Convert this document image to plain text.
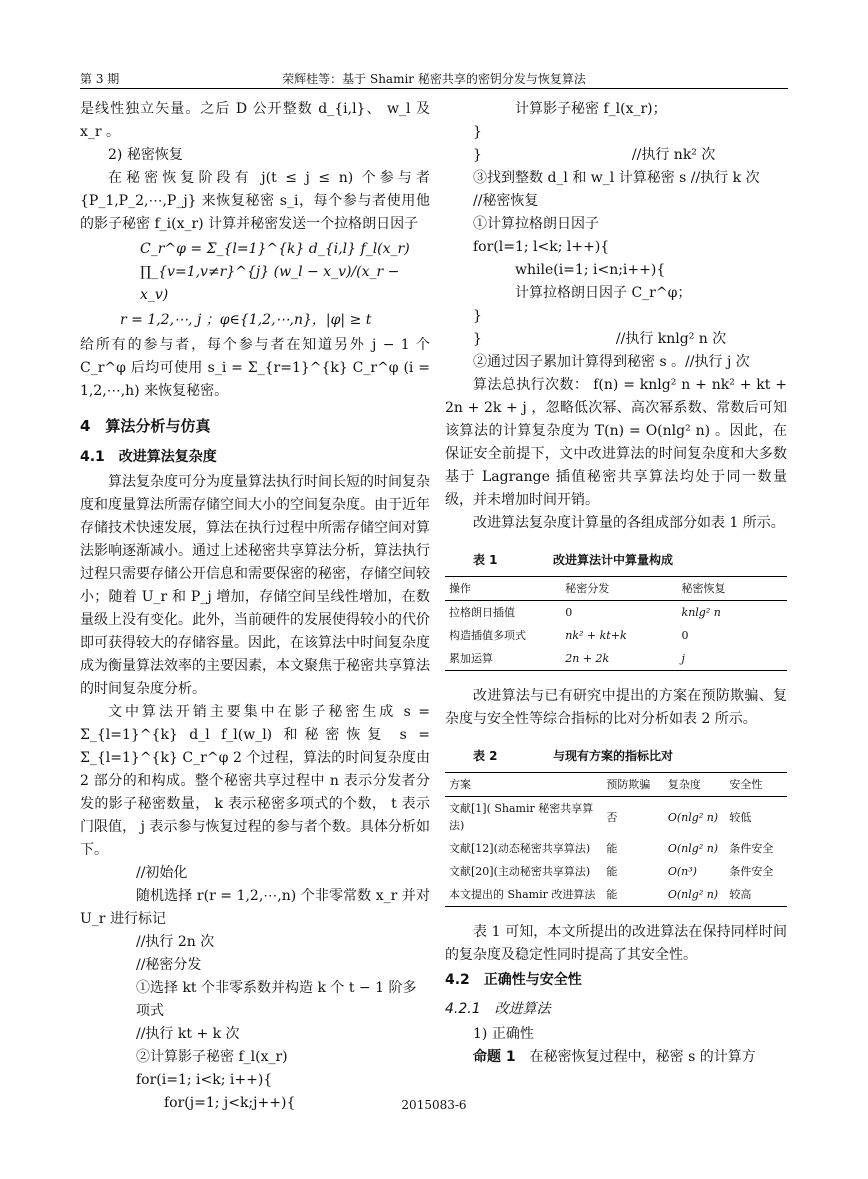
第 3 期	荣辉桂等：基于 Shamir 秘密共享的密钥分发与恢复算法

是线性独立矢量。之后 D 公开整数 d_{i,l}、 w_l 及 x_r 。

2) 秘密恢复

在秘密恢复阶段有 j(t ≤ j ≤ n) 个参与者 {P_1,P_2,⋯,P_j} 来恢复秘密 s_i，每个参与者使用他的影子秘密 f_i(x_r) 计算并秘密发送一个拉格朗日因子

C_r^φ = Σ_{l=1}^{k} d_{i,l} f_l(x_r) ∏_{v=1,v≠r}^{j} (w_l − x_v)/(x_r − x_v)

r = 1,2,⋯, j ；φ∈{1,2,⋯,n}，|φ| ≥ t

给所有的参与者，每个参与者在知道另外 j − 1 个 C_r^φ 后均可使用 s_i = Σ_{r=1}^{k} C_r^φ (i = 1,2,⋯,h) 来恢复秘密。

4　算法分析与仿真
4.1　改进算法复杂度

算法复杂度可分为度量算法执行时间长短的时间复杂度和度量算法所需存储空间大小的空间复杂度。由于近年存储技术快速发展，算法在执行过程中所需存储空间对算法影响逐渐减小。通过上述秘密共享算法分析，算法执行过程只需要存储公开信息和需要保密的秘密，存储空间较小；随着 U_r 和 P_j 增加，存储空间呈线性增加，在数量级上没有变化。此外，当前硬件的发展使得较小的代价即可获得较大的存储容量。因此，在该算法中时间复杂度成为衡量算法效率的主要因素，本文聚焦于秘密共享算法的时间复杂度分析。

文中算法开销主要集中在影子秘密生成 s = Σ_{l=1}^{k} d_l f_l(w_l) 和秘密恢复 s = Σ_{l=1}^{k} C_r^φ 2 个过程，算法的时间复杂度由 2 部分的和构成。整个秘密共享过程中 n 表示分发者分发的影子秘密数量， k 表示秘密多项式的个数， t 表示门限值， j 表示参与恢复过程的参与者个数。具体分析如下。

//初始化

随机选择 r(r = 1,2,⋯,n) 个非零常数 x_r 并对 U_r 进行标记

//执行 2n 次

//秘密分发

①选择 kt 个非零系数并构造 k 个 t − 1 阶多项式

//执行 kt + k 次

②计算影子秘密 f_l(x_r)

for(i=1; i<k; i++){

for(j=1; j<k;j++){

计算影子秘密 f_l(x_r)；

}

}	//执行 nk² 次

③找到整数 d_l 和 w_l 计算秘密 s //执行 k 次

//秘密恢复

①计算拉格朗日因子

for(l=1; l<k; l++){

while(i=1; i<n;i++){

计算拉格朗日因子 C_r^φ；

}

}	//执行 knlg² n 次

②通过因子累加计算得到秘密 s 。//执行 j 次

算法总执行次数： f(n) = knlg² n + nk² + kt + 2n + 2k + j ，忽略低次幂、高次幂系数、常数后可知该算法的计算复杂度为 T(n) = O(nlg² n) 。因此，在保证安全前提下，文中改进算法的时间复杂度和大多数基于 Lagrange 插值秘密共享算法均处于同一数量级，并未增加时间开销。

改进算法复杂度计算量的各组成部分如表 1 所示。

表 1	改进算法计中算量构成
操作	秘密分发	秘密恢复
拉格朗日插值	0	knlg² n
构造插值多项式	nk² + kt+k	0
累加运算	2n + 2k	j

改进算法与已有研究中提出的方案在预防欺骗、复杂度与安全性等综合指标的比对分析如表 2 所示。

表 2	与现有方案的指标比对
方案	预防欺骗	复杂度	安全性
文献[1]( Shamir 秘密共享算法)	否	O(nlg² n)	较低
文献[12](动态秘密共享算法)	能	O(nlg² n)	条件安全
文献[20](主动秘密共享算法)	能	O(n³)	条件安全
本文提出的 Shamir 改进算法	能	O(nlg² n)	较高

表 1 可知，本文所提出的改进算法在保持同样时间的复杂度及稳定性同时提高了其安全性。

4.2　正确性与安全性
4.2.1　改进算法

1) 正确性

命题 1　 在秘密恢复过程中，秘密 s 的计算方

2015083-6
